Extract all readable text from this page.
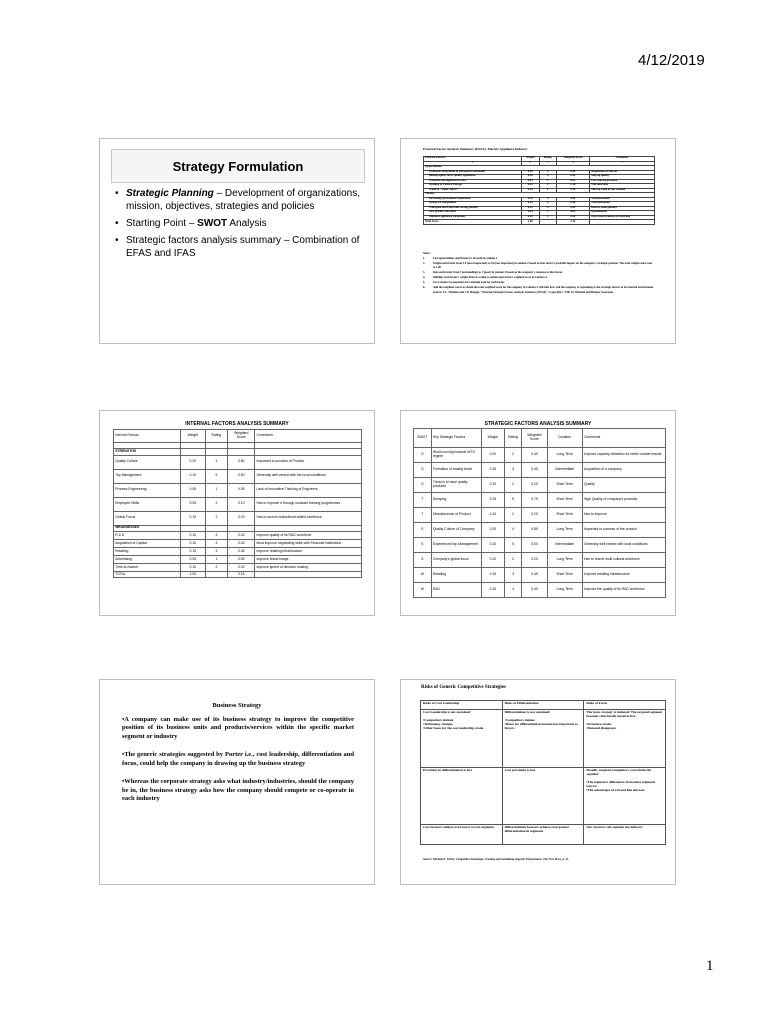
4/12/2019
Strategy Formulation
• Strategic Planning – Development of organizations, mission, objectives, strategies and policies
• Starting Point – SWOT Analysis
• Strategic factors analysis summary – Combination of EFAS and IFAS
External Factor Analysis Summary (EFAS): Electric Appliance Industry
External Factors	Weight	Rating	Weighted Score	Comments
1	2	3	4	5
Opportunities				
Economic Integration of European Community	0.20	4	0.80	Acquisition of Hoover
Demographics favor quality appliances	0.10	5	0.50	Maytag quality
Economic development of Asia	0.05	1	0.05	Low Maytag presence
Opening of Eastern Europe	0.05	2	0.10	Will take time
Trend to "Super Stores"	0.10	2	0.20	Maytag weak in this channel
Threats				
Increasing government regulations	0.10	4	0.40	Well positioned
Strong US competition	0.10	4	0.40	Well positioned
Whirlpool and Electrolux strong globally	0.15	3	0.45	Hoover weak globally
New product advances	0.05	1	0.05	Questionable
Japanese appliance companies	0.10	2	0.20	Only Asian presence in Australia
Total Score	1.00		3.15	
Notes:
1.	List opportunities and threats (5-10 each) in column 1
2.	Weight each factor from 1.0 (most important) to 0.0 (not important) in column 2 based on that factor's probable impact on the company's strategic position. The total weights must sum to 1.00
3.	Rate each factor from 5 (outstanding) to 1 (poor) in column 3 based on the company's response to that factor.
4.	Multiply each factor's weight times its rating to obtain each factors weighted score in Column 4.
5.	Use Column 5 (comments) for rationale used for each factor.
6.	Add the weighted scores to obtain the total weighted score for the company in Column 4. this tells how well the company is responding to the strategic factors in its external environment.
Source: T.L. Wheelen and J.D. Hunger, "External Strategic Factors Analysis Summary (EFAS)", Copyright © 1991 by Wheelen and Hunger Associates.
INTERNAL FACTORS ANALYSIS SUMMARY
Internal Factors	Weight	Rating	Weighted Score	Comments

STRENGTHS				
Quality Culture	0.20	4	0.80	Important to success of Product
Top Management	0.10	5	0.50	Generally well versed with the local conditions
Process Engineering	0.05	1	0.05	Lack of Innovative Thinking of Engineers
Employee Skills	0.05	2	0.10	Has to improve it through constant training programmes
Global Focus	0.10	2	0.20	Has to recruit multicultural skilled workforce
WEAKNESSES				
R & D	0.10	4	0.40	Improve quality of its R&D workforce
Acquisition of Capital	0.10	4	0.40	Must improve negotiating skills with Financial institutions
Retailing	0.15	3	0.45	Improve retailing infrastructure
Advertising	0.05	1	0.05	Improve brand image
Time-to-market	0.10	2	0.20	Improve speed of decision making
TOTAL	1.00		3.15	
STRATEGIC FACTORS ANALYSIS SUMMARY
SWOT	Key Strategic Factors	Weight	Rating	Weighted Score	Duration	Comments
O	World moving towards WTO regime	0.20	2	0.40	Long Term	Improve capacity utilization for better market results
O	Formation of trading block	0.15	3	0.45	Intermediate	Acquisition of a company
O	Trend is to have quality products	0.10	2	0.20	Short Term	Quality
T	Dumping	0.15	5	0.75	Short Term	High Quality of company's products
T	Obsolescence of Product	0.10	2	0.20	Short Term	Has to improve
S	Quality Culture of Company	0.20	4	0.80	Long Term	Important to success of the product
S	Experienced top Management	0.10	5	0.50	Intermediate	Generally well versed with local conditions
S	Company's global focus	0.10	2	0.20	Long Term	Has to recruit multi cultural workforce
W	Retailing	0.15	3	0.45	Short Term	Improve retailing infrastructure
W	R&D	0.10	4	0.40	Long Term	Improve the quality of its R&D workforce
Business Strategy

•A company can make use of its business strategy to improve the competitive position of its business units and products/services within the specific market segment or industry

•The generic strategies suggested by Porter i.e., cost leadership, differentiation and focus, could help the company in drawing up the business strategy

•Whereas the corporate strategy asks what industry/industries, should the company be in, the business strategy asks how the company should compete or co-operate in each industry

Risks of Generic Competitive Strategies
Risks of Cost Leadership	Risks of Differentiation	Risks of Focus
Cost Leadership is not sustained:

•Competitors imitate
•Technology changes
•Other bases for the cost leadership erode	Differentiation is not sustained:

•Competitors imitate
•Bases for differentiation become less important to buyers	The focus strategy is imitated: The targeted segment becomes structurally unattractive:

•Structure erodes
•Demand disappears
Proximity in differentiation is lost	Cost proximity is lost	Broadly targeted competitors overwhelm the segment:

•The segment's differences from other segments narrow
•The advantages of a broad line increase
Cost focusers achieve even lower cost in segments	Differentiation focusers achieve even greater differentiation in segments	New focusers sub-segment the industry
Source: Michael E. Porter, Competitive Advantage: Creating and Sustaining Superior Performance, The Free Press, p. 21.
1
